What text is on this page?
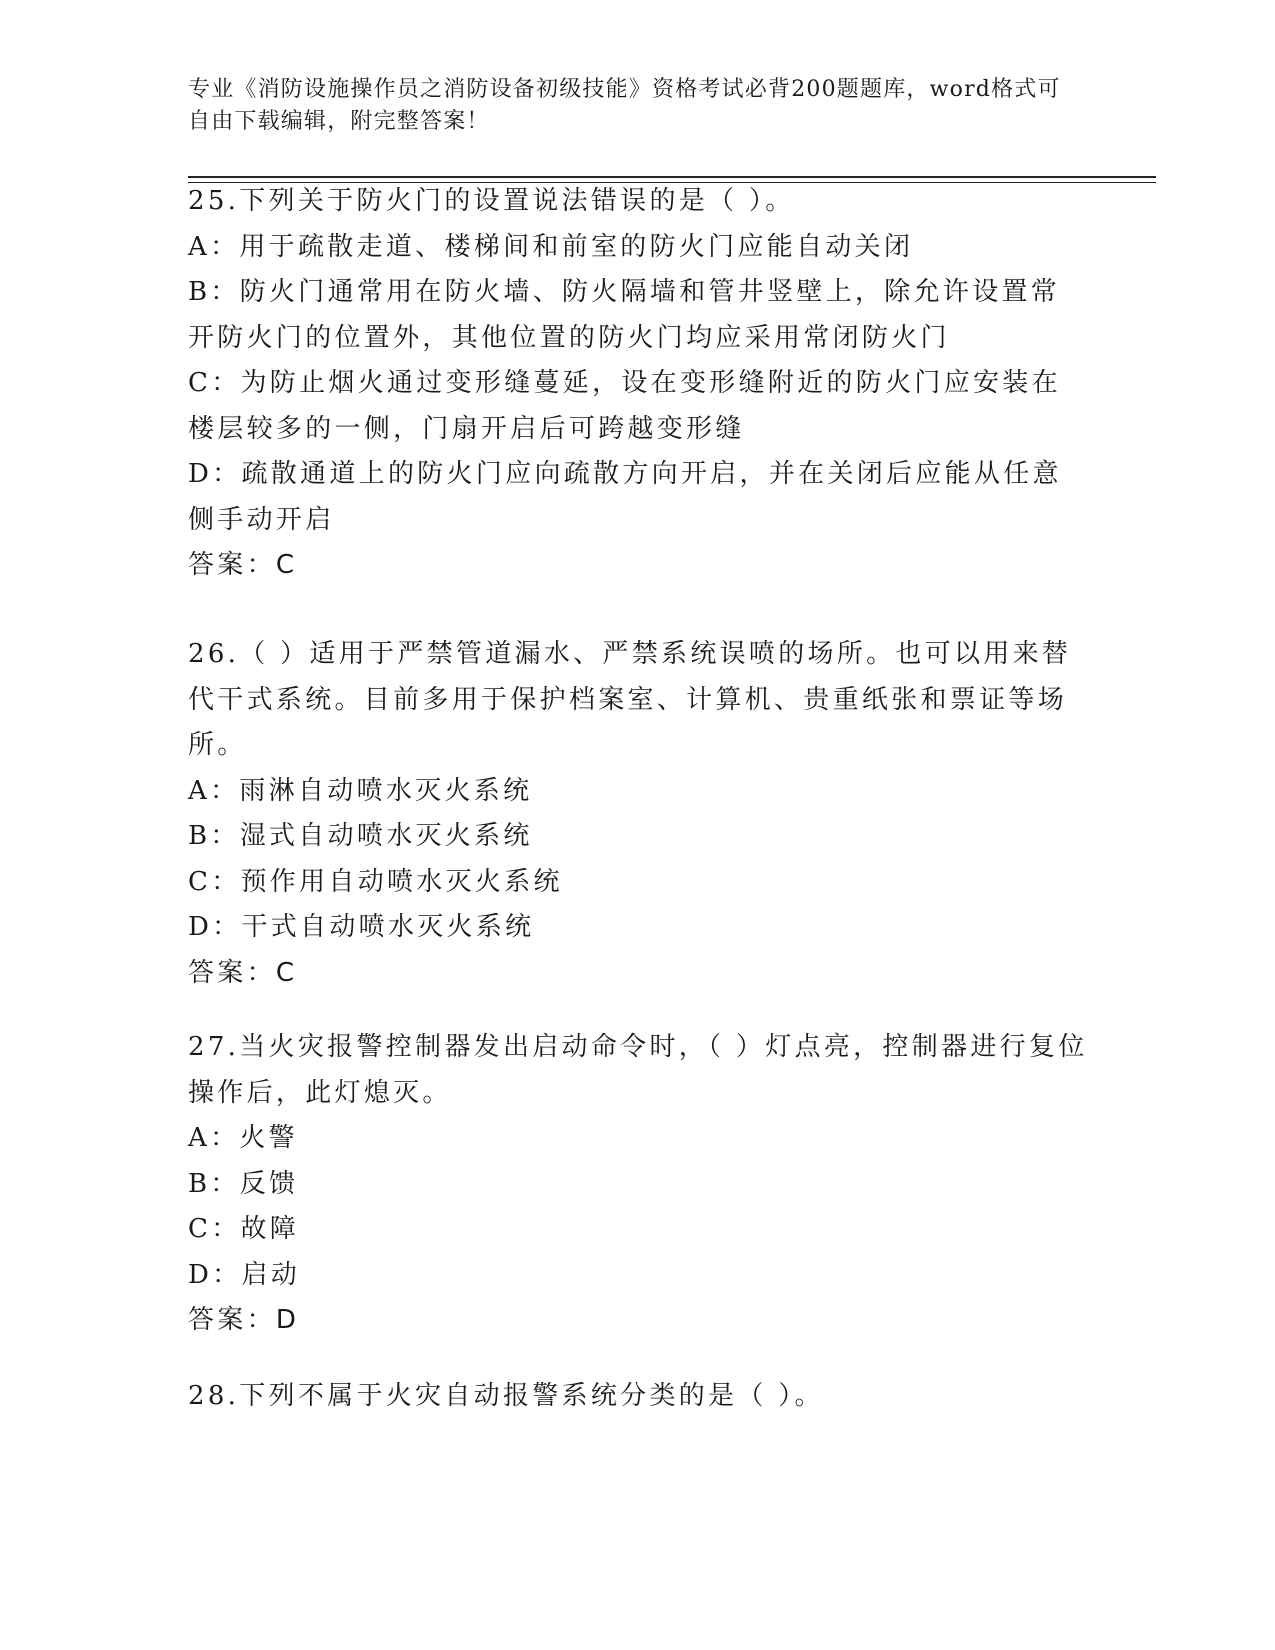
专业《消防设施操作员之消防设备初级技能》资格考试必背200题题库，word格式可自由下载编辑，附完整答案！

25.下列关于防火门的设置说法错误的是（ ）。

A：用于疏散走道、楼梯间和前室的防火门应能自动关闭

B：防火门通常用在防火墙、防火隔墙和管井竖壁上，除允许设置常开防火门的位置外，其他位置的防火门均应采用常闭防火门

C：为防止烟火通过变形缝蔓延，设在变形缝附近的防火门应安装在楼层较多的一侧，门扇开启后可跨越变形缝

D：疏散通道上的防火门应向疏散方向开启，并在关闭后应能从任意侧手动开启

答案：C

26.（ ）适用于严禁管道漏水、严禁系统误喷的场所。也可以用来替代干式系统。目前多用于保护档案室、计算机、贵重纸张和票证等场所。

A：雨淋自动喷水灭火系统

B：湿式自动喷水灭火系统

C：预作用自动喷水灭火系统

D：干式自动喷水灭火系统

答案：C

27.当火灾报警控制器发出启动命令时，（ ）灯点亮，控制器进行复位操作后，此灯熄灭。

A：火警

B：反馈

C：故障

D：启动

答案：D

28.下列不属于火灾自动报警系统分类的是（ ）。
